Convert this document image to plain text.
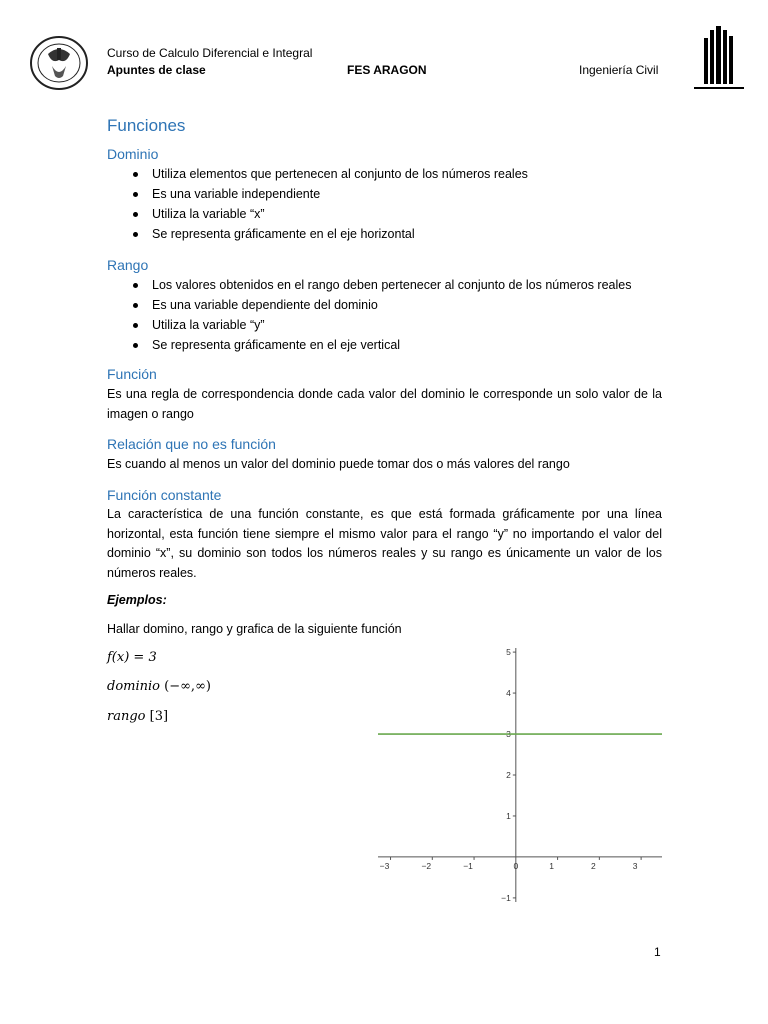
Curso de Calculo Diferencial e Integral
Apuntes de clase	FES ARAGON	Ingeniería Civil
Funciones
Dominio
Utiliza elementos que pertenecen al conjunto de los números reales
Es una variable independiente
Utiliza la variable “x”
Se representa gráficamente en el eje horizontal
Rango
Los valores obtenidos en el rango deben pertenecer al conjunto de los números reales
Es una variable dependiente del dominio
Utiliza la variable “y”
Se representa gráficamente en el eje vertical
Función
Es una regla de correspondencia donde cada valor del dominio le corresponde un solo valor de la imagen o rango
Relación que no es función
Es cuando al menos un valor del dominio puede tomar dos o más valores del rango
Función constante
La característica de una función constante, es que está formada gráficamente por una línea horizontal, esta función tiene siempre el mismo valor para el rango “y” no importando el valor del dominio “x”, su dominio son todos los números reales y su rango es únicamente un valor de los números reales.
Ejemplos:
Hallar domino, rango y grafica de la siguiente función
f(x) = 3
dominio (−∞,∞)
rango [3]
−3	−2	−1	0	1	2	3
−1
1
2
3
4
5
1
